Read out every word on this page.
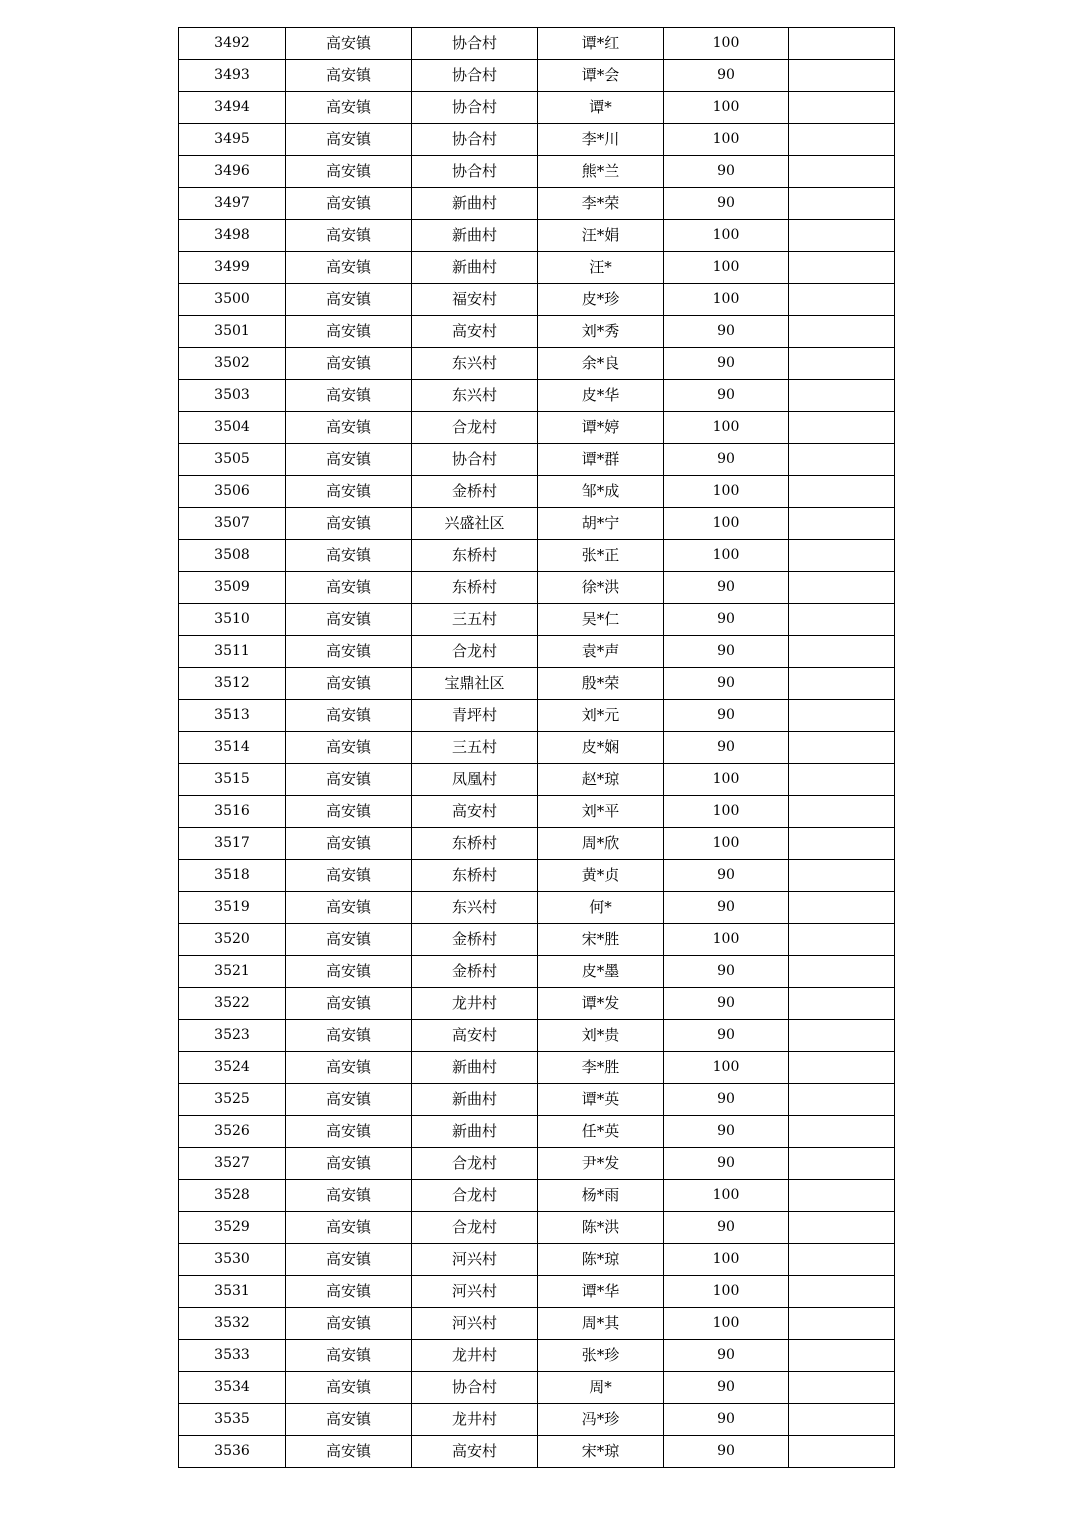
3492	高安镇	协合村	谭*红	100	
3493	高安镇	协合村	谭*会	90	
3494	高安镇	协合村	谭*	100	
3495	高安镇	协合村	李*川	100	
3496	高安镇	协合村	熊*兰	90	
3497	高安镇	新曲村	李*荣	90	
3498	高安镇	新曲村	汪*娟	100	
3499	高安镇	新曲村	汪*	100	
3500	高安镇	福安村	皮*珍	100	
3501	高安镇	高安村	刘*秀	90	
3502	高安镇	东兴村	余*良	90	
3503	高安镇	东兴村	皮*华	90	
3504	高安镇	合龙村	谭*婷	100	
3505	高安镇	协合村	谭*群	90	
3506	高安镇	金桥村	邹*成	100	
3507	高安镇	兴盛社区	胡*宁	100	
3508	高安镇	东桥村	张*正	100	
3509	高安镇	东桥村	徐*洪	90	
3510	高安镇	三五村	吴*仁	90	
3511	高安镇	合龙村	袁*声	90	
3512	高安镇	宝鼎社区	殷*荣	90	
3513	高安镇	青坪村	刘*元	90	
3514	高安镇	三五村	皮*娴	90	
3515	高安镇	凤凰村	赵*琼	100	
3516	高安镇	高安村	刘*平	100	
3517	高安镇	东桥村	周*欣	100	
3518	高安镇	东桥村	黄*贞	90	
3519	高安镇	东兴村	何*	90	
3520	高安镇	金桥村	宋*胜	100	
3521	高安镇	金桥村	皮*墨	90	
3522	高安镇	龙井村	谭*发	90	
3523	高安镇	高安村	刘*贵	90	
3524	高安镇	新曲村	李*胜	100	
3525	高安镇	新曲村	谭*英	90	
3526	高安镇	新曲村	任*英	90	
3527	高安镇	合龙村	尹*发	90	
3528	高安镇	合龙村	杨*雨	100	
3529	高安镇	合龙村	陈*洪	90	
3530	高安镇	河兴村	陈*琼	100	
3531	高安镇	河兴村	谭*华	100	
3532	高安镇	河兴村	周*其	100	
3533	高安镇	龙井村	张*珍	90	
3534	高安镇	协合村	周*	90	
3535	高安镇	龙井村	冯*珍	90	
3536	高安镇	高安村	宋*琼	90	
